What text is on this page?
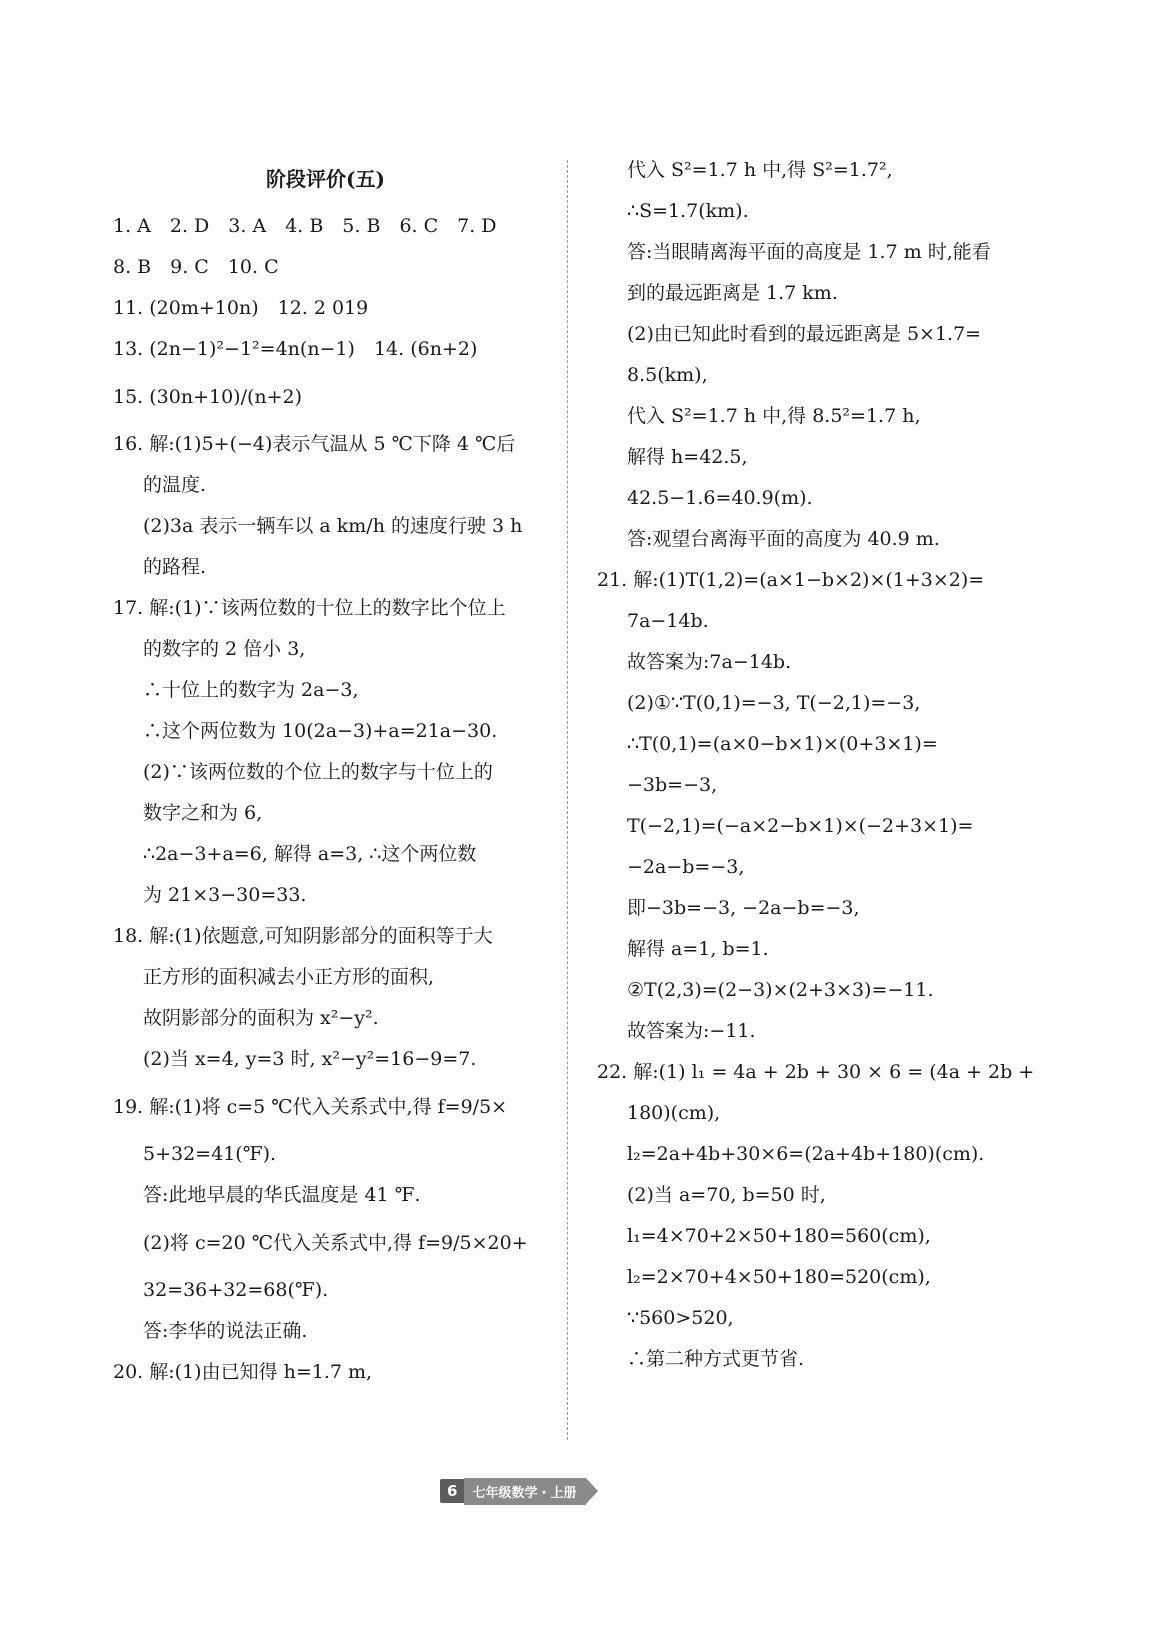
阶段评价(五)
1. A　2. D　3. A　4. B　5. B　6. C　7. D
8. B　9. C　10. C
11. (20m+10n)　12. 2 019
13. (2n−1)²−1²=4n(n−1)　14. (6n+2)
15. (30n+10)/(n+2)
16. 解:(1)5+(−4)表示气温从 5 ℃下降 4 ℃后
的温度.
(2)3a 表示一辆车以 a km/h 的速度行驶 3 h
的路程.
17. 解:(1)∵该两位数的十位上的数字比个位上
的数字的 2 倍小 3,
∴十位上的数字为 2a−3,
∴这个两位数为 10(2a−3)+a=21a−30.
(2)∵该两位数的个位上的数字与十位上的
数字之和为 6,
∴2a−3+a=6, 解得 a=3, ∴这个两位数
为 21×3−30=33.
18. 解:(1)依题意,可知阴影部分的面积等于大
正方形的面积减去小正方形的面积,
故阴影部分的面积为 x²−y².
(2)当 x=4, y=3 时, x²−y²=16−9=7.
19. 解:(1)将 c=5 ℃代入关系式中,得 f=9/5×
5+32=41(℉).
答:此地早晨的华氏温度是 41 ℉.
(2)将 c=20 ℃代入关系式中,得 f=9/5×20+
32=36+32=68(℉).
答:李华的说法正确.
20. 解:(1)由已知得 h=1.7 m,
代入 S²=1.7 h 中,得 S²=1.7²,
∴S=1.7(km).
答:当眼睛离海平面的高度是 1.7 m 时,能看
到的最远距离是 1.7 km.
(2)由已知此时看到的最远距离是 5×1.7=
8.5(km),
代入 S²=1.7 h 中,得 8.5²=1.7 h,
解得 h=42.5,
42.5−1.6=40.9(m).
答:观望台离海平面的高度为 40.9 m.
21. 解:(1)T(1,2)=(a×1−b×2)×(1+3×2)=
7a−14b.
故答案为:7a−14b.
(2)①∵T(0,1)=−3, T(−2,1)=−3,
∴T(0,1)=(a×0−b×1)×(0+3×1)=
−3b=−3,
T(−2,1)=(−a×2−b×1)×(−2+3×1)=
−2a−b=−3,
即−3b=−3, −2a−b=−3,
解得 a=1, b=1.
②T(2,3)=(2−3)×(2+3×3)=−11.
故答案为:−11.
22. 解:(1) l₁ = 4a + 2b + 30 × 6 = (4a + 2b +
180)(cm),
l₂=2a+4b+30×6=(2a+4b+180)(cm).
(2)当 a=70, b=50 时,
l₁=4×70+2×50+180=560(cm),
l₂=2×70+4×50+180=520(cm),
∵560>520,
∴第二种方式更节省.
6	七年级数学・上册
